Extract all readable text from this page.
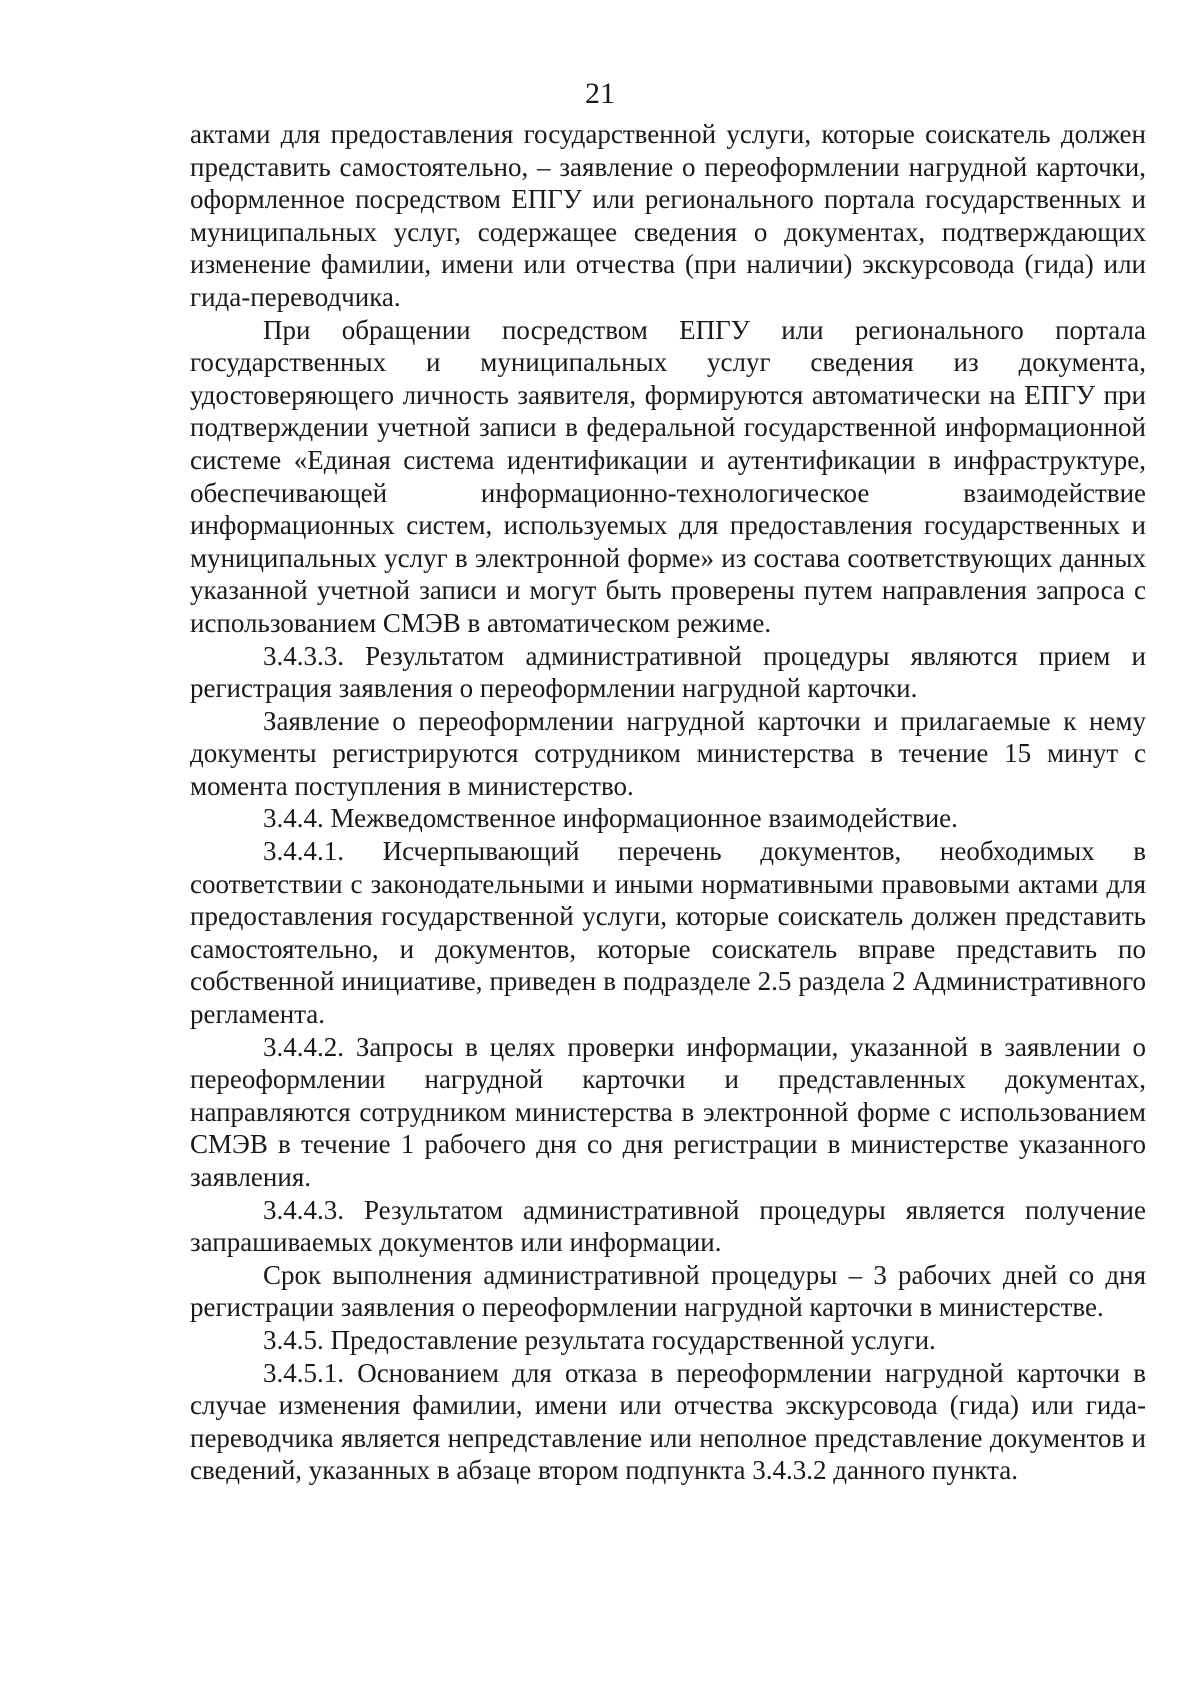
21

актами для предоставления государственной услуги, которые соискатель должен представить самостоятельно, – заявление о переоформлении нагрудной карточки, оформленное посредством ЕПГУ или регионального портала государственных и муниципальных услуг, содержащее сведения о документах, подтверждающих изменение фамилии, имени или отчества (при наличии) экскурсовода (гида) или гида-переводчика.

При обращении посредством ЕПГУ или регионального портала государственных и муниципальных услуг сведения из документа, удостоверяющего личность заявителя, формируются автоматически на ЕПГУ при подтверждении учетной записи в федеральной государственной информационной системе «Единая система идентификации и аутентификации в инфраструктуре, обеспечивающей информационно-технологическое взаимодействие информационных систем, используемых для предоставления государственных и муниципальных услуг в электронной форме» из состава соответствующих данных указанной учетной записи и могут быть проверены путем направления запроса с использованием СМЭВ в автоматическом режиме.

3.4.3.3. Результатом административной процедуры являются прием и регистрация заявления о переоформлении нагрудной карточки.

Заявление о переоформлении нагрудной карточки и прилагаемые к нему документы регистрируются сотрудником министерства в течение 15 минут с момента поступления в министерство.

3.4.4. Межведомственное информационное взаимодействие.

3.4.4.1. Исчерпывающий перечень документов, необходимых в соответствии с законодательными и иными нормативными правовыми актами для предоставления государственной услуги, которые соискатель должен представить самостоятельно, и документов, которые соискатель вправе представить по собственной инициативе, приведен в подразделе 2.5 раздела 2 Административного регламента.

3.4.4.2. Запросы в целях проверки информации, указанной в заявлении о переоформлении нагрудной карточки и представленных документах, направляются сотрудником министерства в электронной форме с использованием СМЭВ в течение 1 рабочего дня со дня регистрации в министерстве указанного заявления.

3.4.4.3. Результатом административной процедуры является получение запрашиваемых документов или информации.

Срок выполнения административной процедуры – 3 рабочих дней со дня регистрации заявления о переоформлении нагрудной карточки в министерстве.

3.4.5. Предоставление результата государственной услуги.

3.4.5.1. Основанием для отказа в переоформлении нагрудной карточки в случае изменения фамилии, имени или отчества экскурсовода (гида) или гида-переводчика является непредставление или неполное представление документов и сведений, указанных в абзаце втором подпункта 3.4.3.2 данного пункта.
